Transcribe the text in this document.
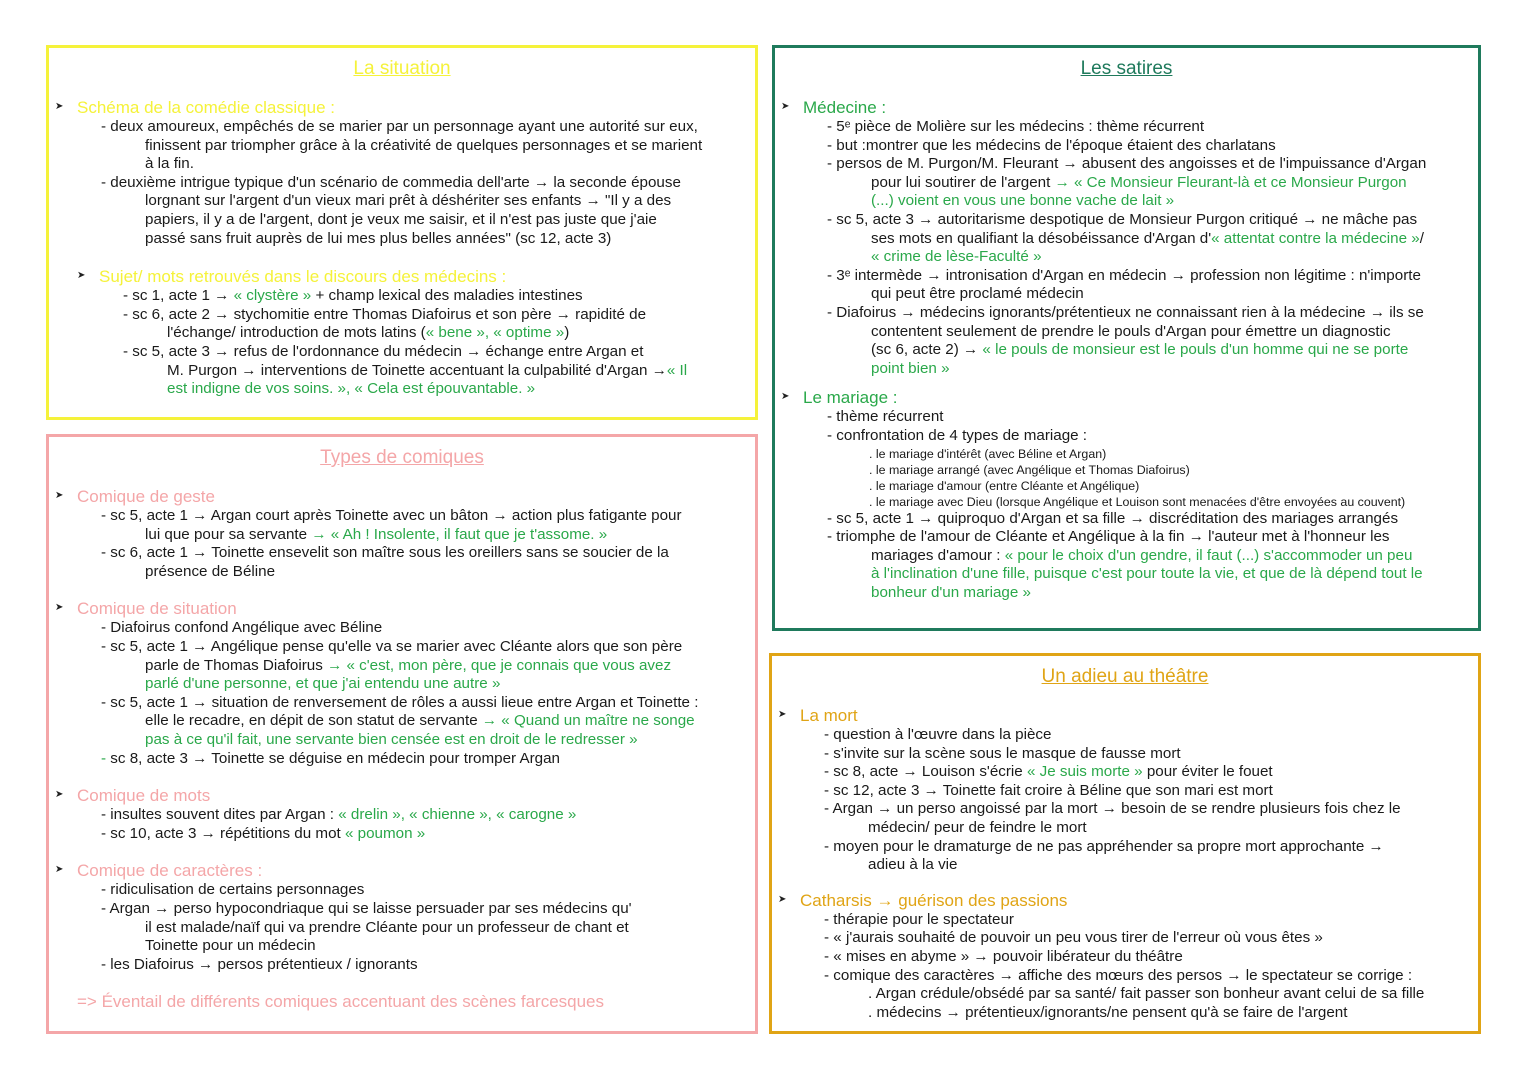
La situation
➤ Schéma de la comédie classique :
- deux amoureux, empêchés de se marier par un personnage ayant une autorité sur eux,
finissent par triompher grâce à la créativité de quelques personnages et se marient
à la fin.
- deuxième intrigue typique d'un scénario de commedia dell'arte → la seconde épouse
lorgnant sur l'argent d'un vieux mari prêt à déshériter ses enfants → "Il y a des
papiers, il y a de l'argent, dont je veux me saisir, et il n'est pas juste que j'aie
passé sans fruit auprès de lui mes plus belles années" (sc 12, acte 3)
➤ Sujet/ mots retrouvés dans le discours des médecins :
- sc 1, acte 1 → « clystère » + champ lexical des maladies intestines
- sc 6, acte 2 → stychomitie entre Thomas Diafoirus et son père → rapidité de
l'échange/ introduction de mots latins (« bene », « optime »)
- sc 5, acte 3 → refus de l'ordonnance du médecin → échange entre Argan et
M. Purgon → interventions de Toinette accentuant la culpabilité d'Argan →« Il
est indigne de vos soins. », « Cela est épouvantable. »
Types de comiques
➤ Comique de geste
- sc 5, acte 1 → Argan court après Toinette avec un bâton → action plus fatigante pour
lui que pour sa servante → « Ah ! Insolente, il faut que je t'assome. »
- sc 6, acte 1 → Toinette ensevelit son maître sous les oreillers sans se soucier de la
présence de Béline
➤ Comique de situation
- Diafoirus confond Angélique avec Béline
- sc 5, acte 1 → Angélique pense qu'elle va se marier avec Cléante alors que son père
parle de Thomas Diafoirus → « c'est, mon père, que je connais que vous avez
parlé d'une personne, et que j'ai entendu une autre »
- sc 5, acte 1 → situation de renversement de rôles a aussi lieue entre Argan et Toinette :
elle le recadre, en dépit de son statut de servante → « Quand un maître ne songe
pas à ce qu'il fait, une servante bien censée est en droit de le redresser »
- sc 8, acte 3 → Toinette se déguise en médecin pour tromper Argan
➤ Comique de mots
- insultes souvent dites par Argan : « drelin », « chienne », « carogne »
- sc 10, acte 3 → répétitions du mot « poumon »
➤ Comique de caractères :
- ridiculisation de certains personnages
- Argan → perso hypocondriaque qui se laisse persuader par ses médecins qu'
il est malade/naïf qui va prendre Cléante pour un professeur de chant et
Toinette pour un médecin
- les Diafoirus → persos prétentieux / ignorants
=> Éventail de différents comiques accentuant des scènes farcesques
Les satires
➤ Médecine :
- 5ᵉ pièce de Molière sur les médecins : thème récurrent
- but :montrer que les médecins de l'époque étaient des charlatans
- persos de M. Purgon/M. Fleurant → abusent des angoisses et de l'impuissance d'Argan
pour lui soutirer de l'argent → « Ce Monsieur Fleurant-là et ce Monsieur Purgon
(...) voient en vous une bonne vache de lait »
- sc 5, acte 3 → autoritarisme despotique de Monsieur Purgon critiqué → ne mâche pas
ses mots en qualifiant la désobéissance d'Argan d'« attentat contre la médecine »/
« crime de lèse-Faculté »
- 3ᵉ intermède → intronisation d'Argan en médecin → profession non légitime : n'importe
qui peut être proclamé médecin
- Diafoirus → médecins ignorants/prétentieux ne connaissant rien à la médecine → ils se
contentent seulement de prendre le pouls d'Argan pour émettre un diagnostic
(sc 6, acte 2) → « le pouls de monsieur est le pouls d'un homme qui ne se porte
point bien »
➤ Le mariage :
- thème récurrent
- confrontation de 4 types de mariage :
. le mariage d'intérêt (avec Béline et Argan)
. le mariage arrangé (avec Angélique et Thomas Diafoirus)
. le mariage d'amour (entre Cléante et Angélique)
. le mariage avec Dieu (lorsque Angélique et Louison sont menacées d'être envoyées au couvent)
- sc 5, acte 1 → quiproquo d'Argan et sa fille → discréditation des mariages arrangés
- triomphe de l'amour de Cléante et Angélique à la fin → l'auteur met à l'honneur les
mariages d'amour : « pour le choix d'un gendre, il faut (...) s'accommoder un peu
à l'inclination d'une fille, puisque c'est pour toute la vie, et que de là dépend tout le
bonheur d'un mariage »
Un adieu au théâtre
➤ La mort
- question à l'œuvre dans la pièce
- s'invite sur la scène sous le masque de fausse mort
- sc 8, acte → Louison s'écrie « Je suis morte » pour éviter le fouet
- sc 12, acte 3 → Toinette fait croire à Béline que son mari est mort
- Argan → un perso angoissé par la mort → besoin de se rendre plusieurs fois chez le
médecin/ peur de feindre le mort
- moyen pour le dramaturge de ne pas appréhender sa propre mort approchante →
adieu à la vie
➤ Catharsis → guérison des passions
- thérapie pour le spectateur
- « j'aurais souhaité de pouvoir un peu vous tirer de l'erreur où vous êtes »
- « mises en abyme » → pouvoir libérateur du théâtre
- comique des caractères → affiche des mœurs des persos → le spectateur se corrige :
. Argan crédule/obsédé par sa santé/ fait passer son bonheur avant celui de sa fille
. médecins → prétentieux/ignorants/ne pensent qu'à se faire de l'argent
